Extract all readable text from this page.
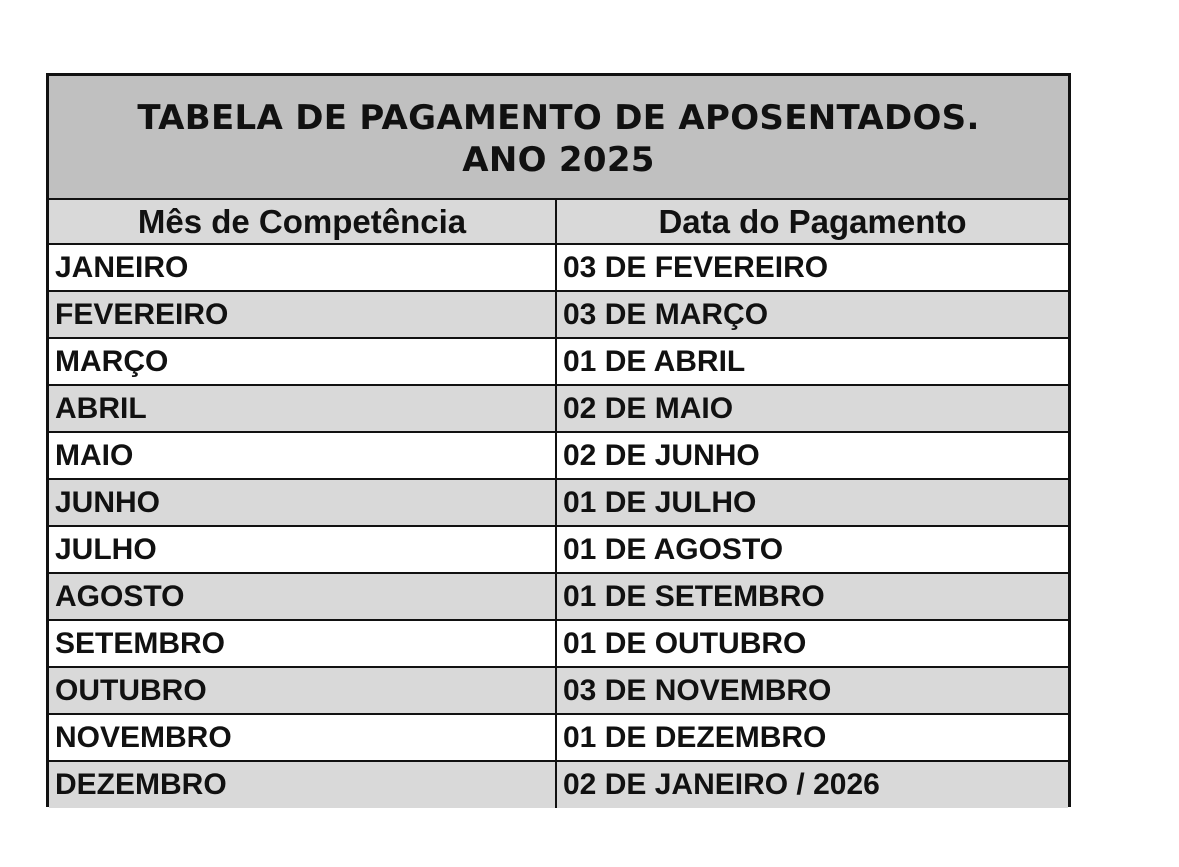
TABELA DE PAGAMENTO DE APOSENTADOS.
ANO 2025
Mês de Competência	Data do Pagamento
JANEIRO	03 DE FEVEREIRO
FEVEREIRO	03 DE MARÇO
MARÇO	01 DE ABRIL
ABRIL	02 DE MAIO
MAIO	02 DE JUNHO
JUNHO	01 DE JULHO
JULHO	01 DE AGOSTO
AGOSTO	01 DE SETEMBRO
SETEMBRO	01 DE OUTUBRO
OUTUBRO	03 DE NOVEMBRO
NOVEMBRO	01 DE DEZEMBRO
DEZEMBRO	02 DE JANEIRO / 2026
